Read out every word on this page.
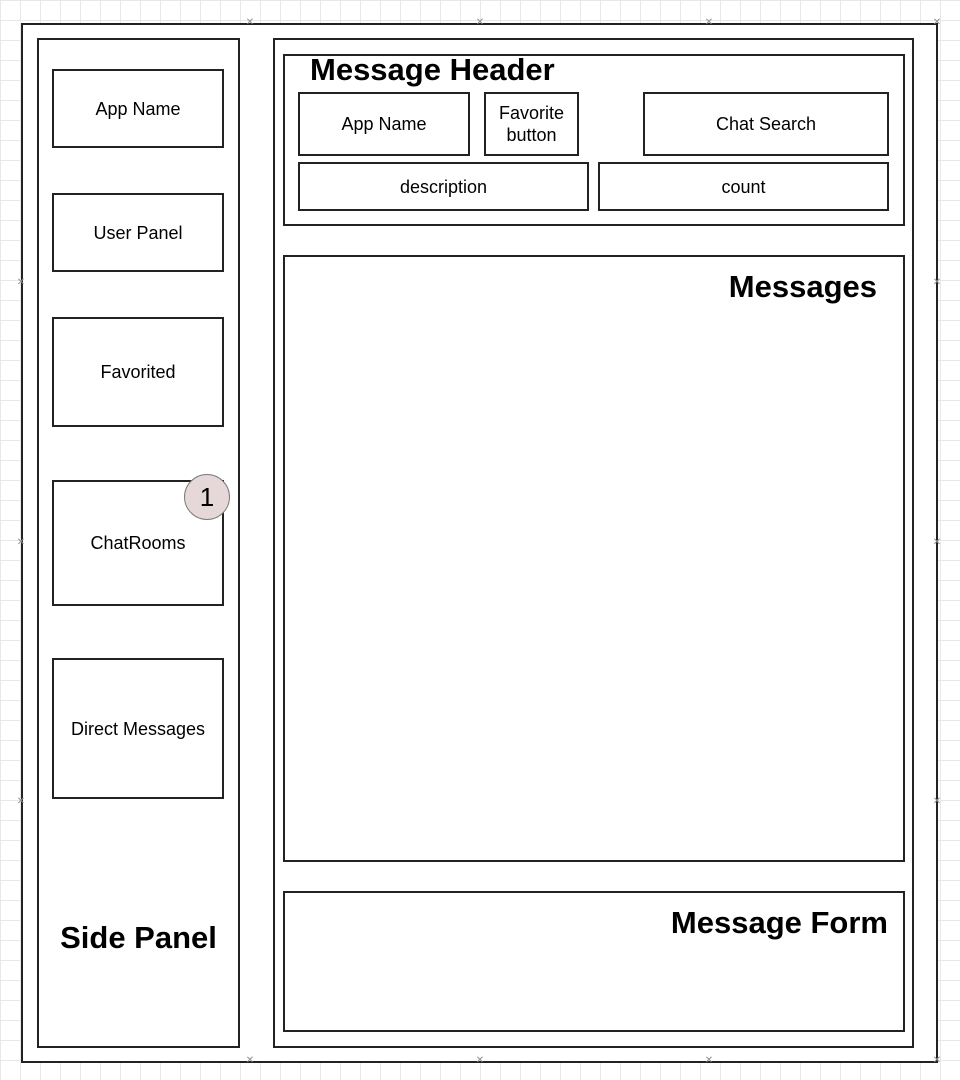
✕	✕	✕	✕
✕
✕
✕
✕
✕
✕
✕	✕	✕	✕
App Name
User Panel
Favorited
ChatRooms
1
Direct Messages
Side Panel
Message Header
App Name
Favorite button
Chat Search
description	count
Messages
Message Form
